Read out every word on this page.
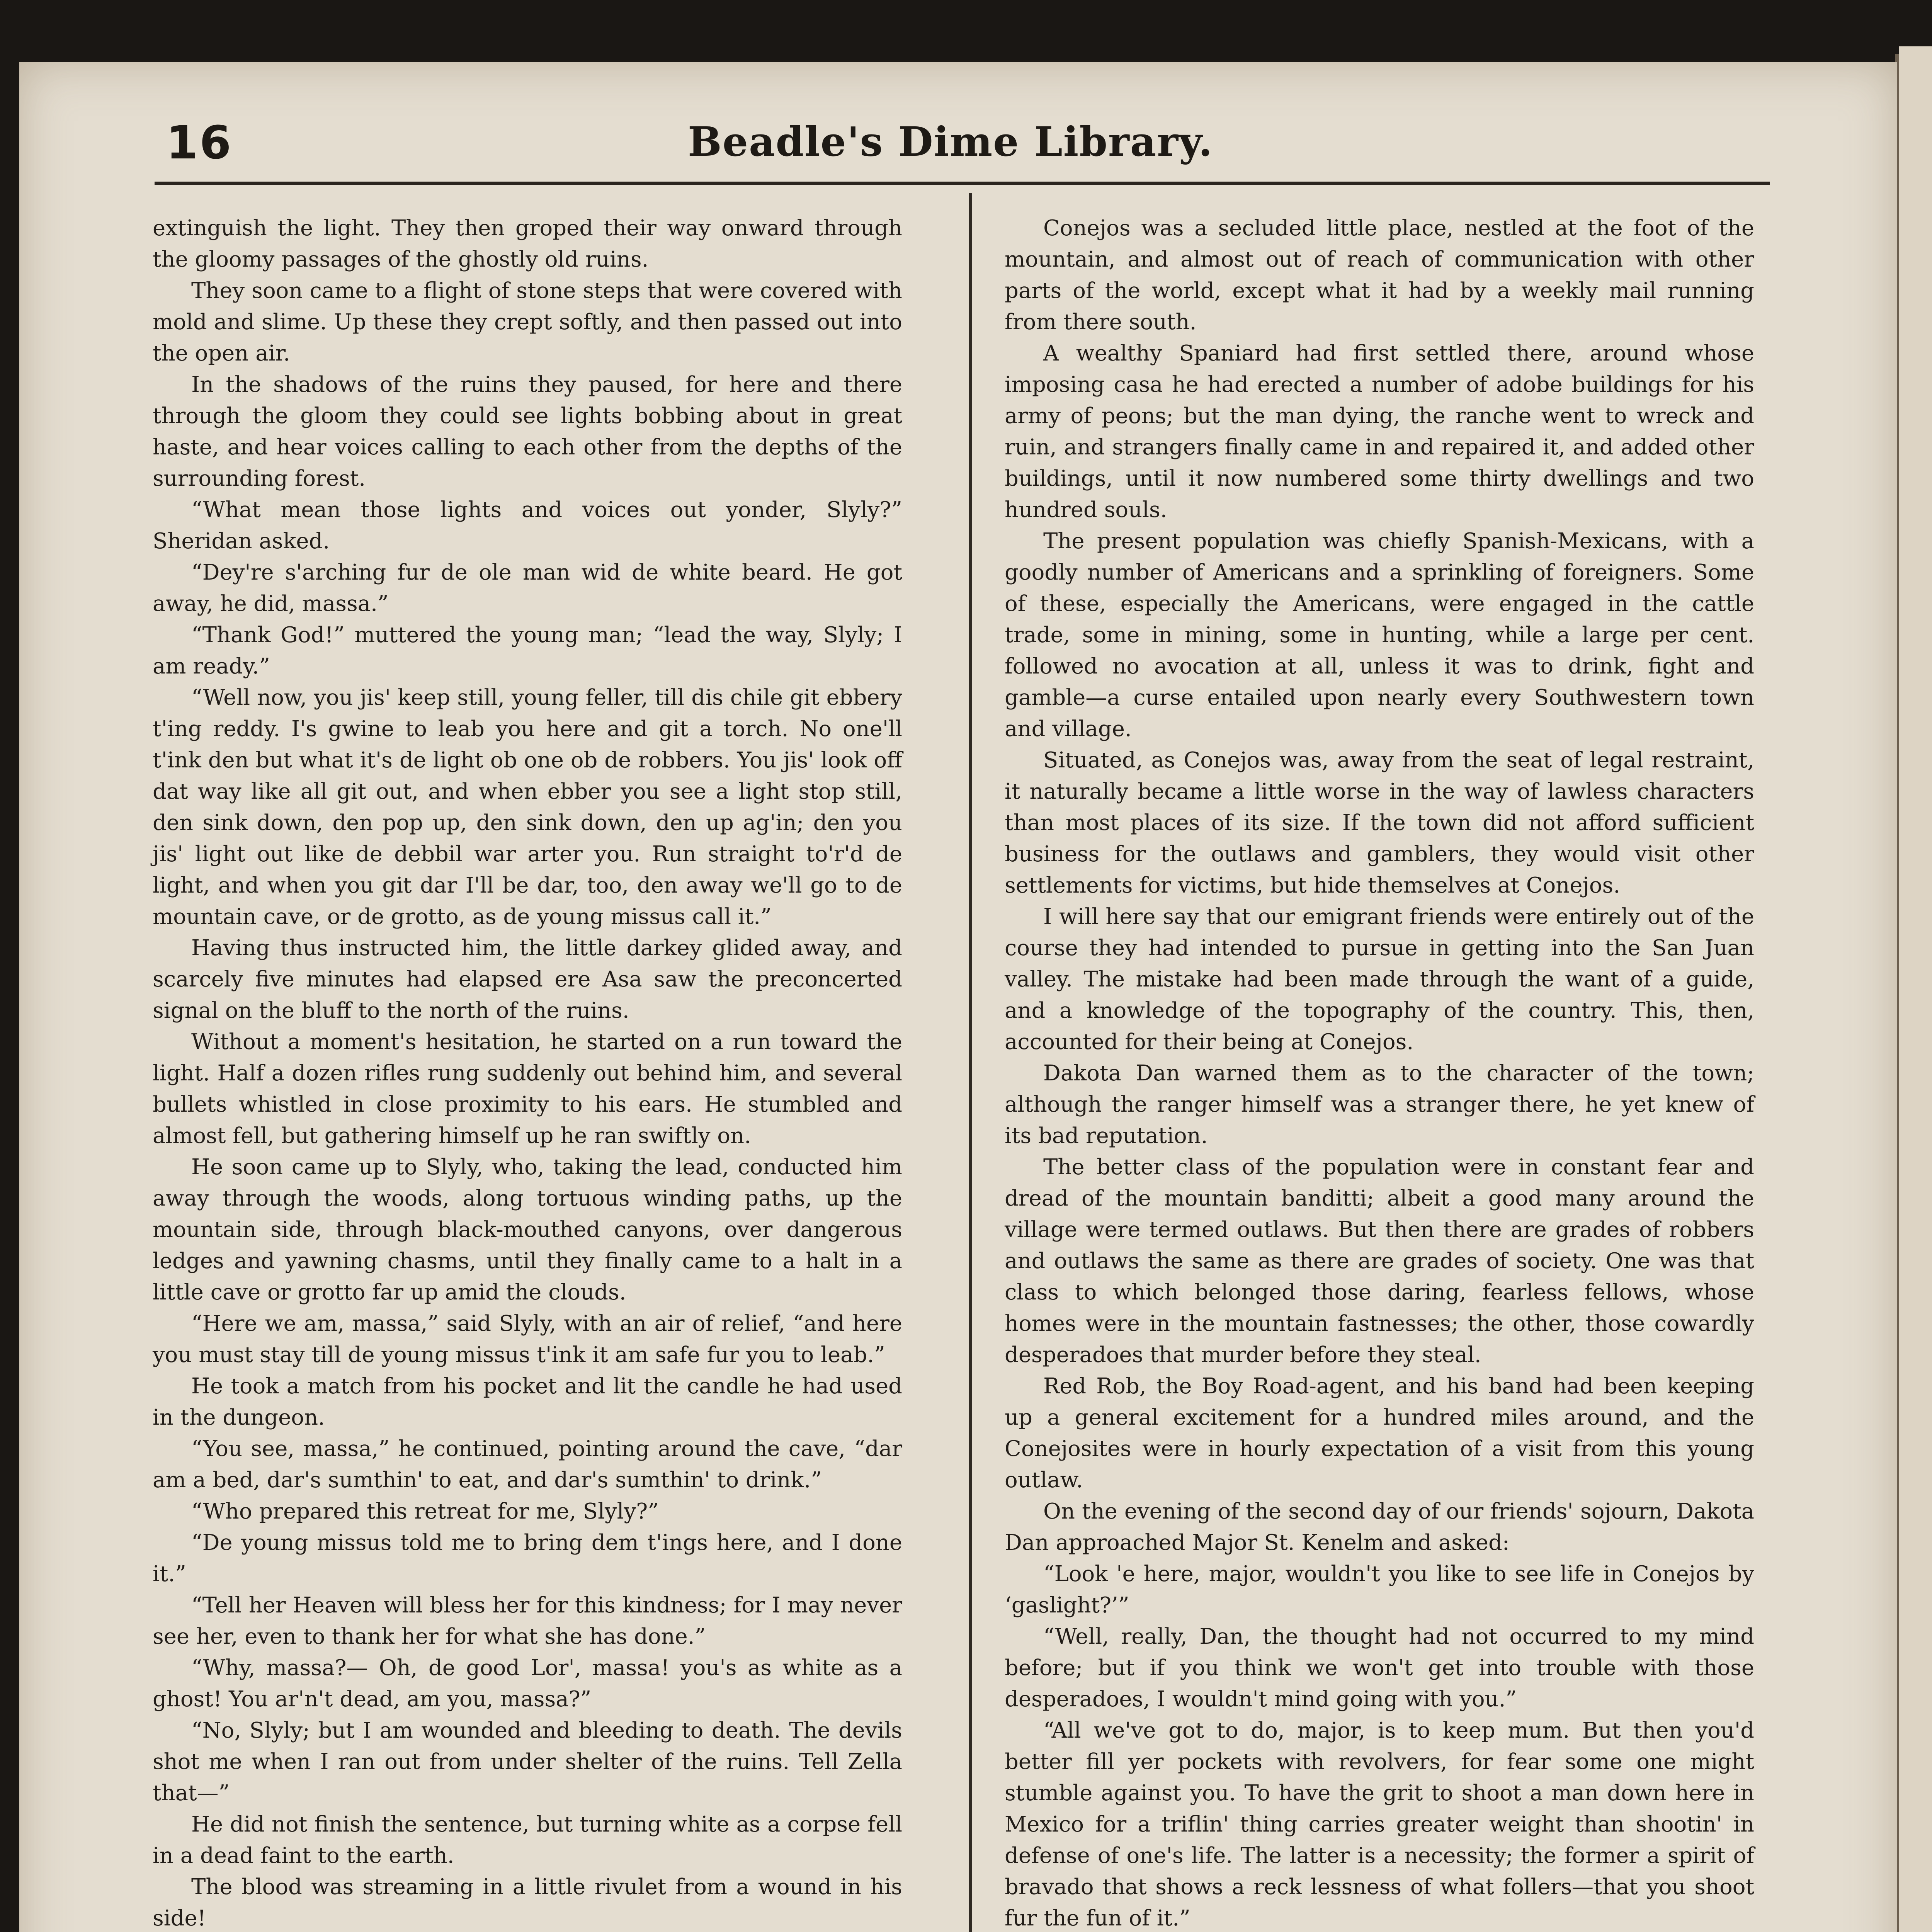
16	Beadle's Dime Library.

extinguish the light. They then groped their way onward through the gloomy passages of the ghostly old ruins.

They soon came to a flight of stone steps that were covered with mold and slime. Up these they crept softly, and then passed out into the open air.

In the shadows of the ruins they paused, for here and there through the gloom they could see lights bobbing about in great haste, and hear voices calling to each other from the depths of the surrounding forest.

“What mean those lights and voices out yonder, Slyly?” Sheridan asked.

“Dey're s'arching fur de ole man wid de white beard. He got away, he did, massa.”

“Thank God!” muttered the young man; “lead the way, Slyly; I am ready.”

“Well now, you jis' keep still, young feller, till dis chile git ebbery t'ing reddy. I's gwine to leab you here and git a torch. No one'll t'ink den but what it's de light ob one ob de robbers. You jis' look off dat way like all git out, and when ebber you see a light stop still, den sink down, den pop up, den sink down, den up ag'in; den you jis' light out like de debbil war arter you. Run straight to'r'd de light, and when you git dar I'll be dar, too, den away we'll go to de mountain cave, or de grotto, as de young missus call it.”

Having thus instructed him, the little darkey glided away, and scarcely five minutes had elapsed ere Asa saw the preconcerted signal on the bluff to the north of the ruins.

Without a moment's hesitation, he started on a run toward the light. Half a dozen rifles rung suddenly out behind him, and several bullets whistled in close proximity to his ears. He stumbled and almost fell, but gathering himself up he ran swiftly on.

He soon came up to Slyly, who, taking the lead, conducted him away through the woods, along tortuous winding paths, up the mountain side, through black-mouthed canyons, over dangerous ledges and yawning chasms, until they finally came to a halt in a little cave or grotto far up amid the clouds.

“Here we am, massa,” said Slyly, with an air of relief, “and here you must stay till de young missus t'ink it am safe fur you to leab.”

He took a match from his pocket and lit the candle he had used in the dungeon.

“You see, massa,” he continued, pointing around the cave, “dar am a bed, dar's sumthin' to eat, and dar's sumthin' to drink.”

“Who prepared this retreat for me, Slyly?”

“De young missus told me to bring dem t'ings here, and I done it.”

“Tell her Heaven will bless her for this kindness; for I may never see her, even to thank her for what she has done.”

“Why, massa?— Oh, de good Lor', massa! you's as white as a ghost! You ar'n't dead, am you, massa?”

“No, Slyly; but I am wounded and bleeding to death. The devils shot me when I ran out from under shelter of the ruins. Tell Zella that—”

He did not finish the sentence, but turning white as a corpse fell in a dead faint to the earth.

The blood was streaming in a little rivulet from a wound in his side!

Conejos was a secluded little place, nestled at the foot of the mountain, and almost out of reach of communication with other parts of the world, except what it had by a weekly mail running from there south.

A wealthy Spaniard had first settled there, around whose imposing casa he had erected a number of adobe buildings for his army of peons; but the man dying, the ranche went to wreck and ruin, and strangers finally came in and repaired it, and added other buildings, until it now numbered some thirty dwellings and two hundred souls.

The present population was chiefly Spanish-Mexicans, with a goodly number of Americans and a sprinkling of foreigners. Some of these, especially the Americans, were engaged in the cattle trade, some in mining, some in hunting, while a large per cent. followed no avocation at all, unless it was to drink, fight and gamble—a curse entailed upon nearly every Southwestern town and village.

Situated, as Conejos was, away from the seat of legal restraint, it naturally became a little worse in the way of lawless characters than most places of its size. If the town did not afford sufficient business for the outlaws and gamblers, they would visit other settlements for victims, but hide themselves at Conejos.

I will here say that our emigrant friends were entirely out of the course they had intended to pursue in getting into the San Juan valley. The mistake had been made through the want of a guide, and a knowledge of the topography of the country. This, then, accounted for their being at Conejos.

Dakota Dan warned them as to the character of the town; although the ranger himself was a stranger there, he yet knew of its bad reputation.

The better class of the population were in constant fear and dread of the mountain banditti; albeit a good many around the village were termed outlaws. But then there are grades of robbers and outlaws the same as there are grades of society. One was that class to which belonged those daring, fearless fellows, whose homes were in the mountain fastnesses; the other, those cowardly desperadoes that murder before they steal.

Red Rob, the Boy Road-agent, and his band had been keeping up a general excitement for a hundred miles around, and the Conejosites were in hourly expectation of a visit from this young outlaw.

On the evening of the second day of our friends' sojourn, Dakota Dan approached Major St. Kenelm and asked:

“Look 'e here, major, wouldn't you like to see life in Conejos by ‘gaslight?’”

“Well, really, Dan, the thought had not occurred to my mind before; but if you think we won't get into trouble with those desperadoes, I wouldn't mind going with you.”

“All we've got to do, major, is to keep mum. But then you'd better fill yer pockets with revolvers, for fear some one might stumble against you. To have the grit to shoot a man down here in Mexico for a triflin' thing carries greater weight than shootin' in defense of one's life. The latter is a necessity; the former a spirit of bravado that shows a reck lessness of what follers—that you shoot fur the fun of it.”
